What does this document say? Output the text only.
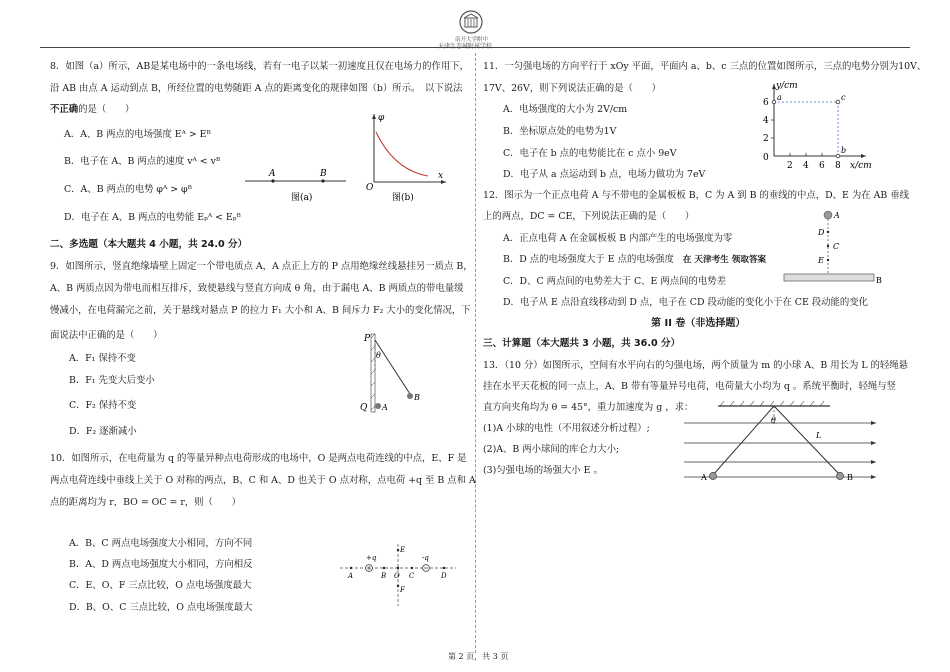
南开大学附中
天津生态城附属学校
8．如图（a）所示，AB是某电场中的一条电场线，若有一电子以某一初速度且仅在电场力的作用下，
沿 AB 由点 A 运动到点 B，所经位置的电势随距 A 点的距离变化的规律如图（b）所示。　以下说法
不正确的是（　　）
A．A、B 两点的电场强度 Eᴬ > Eᴮ
B．电子在 A、B 两点的速度 vᴬ < vᴮ
C．A、B 两点的电势 φᴬ > φᴮ
D．电子在 A、B 两点的电势能 Eₚᴬ < Eₚᴮ
A	B
图(a)
φ
O
x
图(b)
二、多选题（本大题共 4 小题，共 24.0 分）
9．如图所示，竖直绝缘墙壁上固定一个带电质点 A，A 点正上方的 P 点用绝缘丝线悬挂另一质点 B，
A、B 两质点因为带电而相互排斥，致使悬线与竖直方向成 θ 角，由于漏电 A、B 两质点的带电量缓
慢减小，在电荷漏完之前，关于悬线对悬点 P 的拉力 F₁ 大小和 A、B 间斥力 F₂ 大小的变化情况，下
面说法中正确的是（　　）
A．F₁ 保持不变
B．F₁ 先变大后变小
C．F₂ 保持不变
D．F₂ 逐渐减小
P
θ
Q A
B
10．如图所示，在电荷量为 q 的等量异种点电荷形成的电场中，O 是两点电荷连线的中点，E、F 是
两点电荷连线中垂线上关于 O 对称的两点，B、C 和 A、D 也关于 O 点对称，点电荷 +q 至 B 点和 A
点的距离均为 r，BO = OC = r，则（　　）
A．B、C 两点电场强度大小相同，方向不同
B．A、D 两点电场强度大小相同，方向相反
C．E、O、F 三点比较，O 点电场强度最大
D．B、O、C 三点比较，O 点电场强度最大
+q	-q
A	B O C	D
E
F
11．一匀强电场的方向平行于 xOy 平面，平面内 a、b、c 三点的位置如图所示，三点的电势分别为10V、
17V、26V，则下列说法正确的是（　　）
A．电场强度的大小为 2V/cm
B．坐标原点处的电势为1V
C．电子在 b 点的电势能比在 c 点小 9eV
D．电子从 a 点运动到 b 点，电场力做功为 7eV
y/cm
x/cm
6
4
2
0
2 4 6 8
a	c
b
12．图示为一个正点电荷 A 与不带电的金属板板 B，C 为 A 到 B 的垂线的中点，D、E 为在 AB 垂线
上的两点，DC = CE，下列说法正确的是（　　）
A．正点电荷 A 在金属板板 B 内部产生的电场强度为零
B．D 点的电场强度大于 E 点的电场强度 在 天津考生 领取答案
C．D、C 两点间的电势差大于 C、E 两点间的电势差
D．电子从 E 点沿直线移动到 D 点，电子在 CD 段动能的变化小于在 CE 段动能的变化
A
D
C
E
B
第 II 卷（非选择题）
三、计算题（本大题共 3 小题，共 36.0 分）
13．（10 分）如图所示，空间有水平向右的匀强电场，两个质量为 m 的小球 A、B 用长为 L 的轻绳悬
挂在水平天花板的同一点上，A、B 带有等量异号电荷，电荷量大小均为 q 。系统平衡时，轻绳与竖
直方向夹角均为 θ = 45°，重力加速度为 g ，求：
(1)A 小球的电性（不用叙述分析过程）;
(2)A、B 两小球间的库仑力大小;
(3)匀强电场的场强大小 E 。
θ
L
A	B
第 2 页，共 3 页
